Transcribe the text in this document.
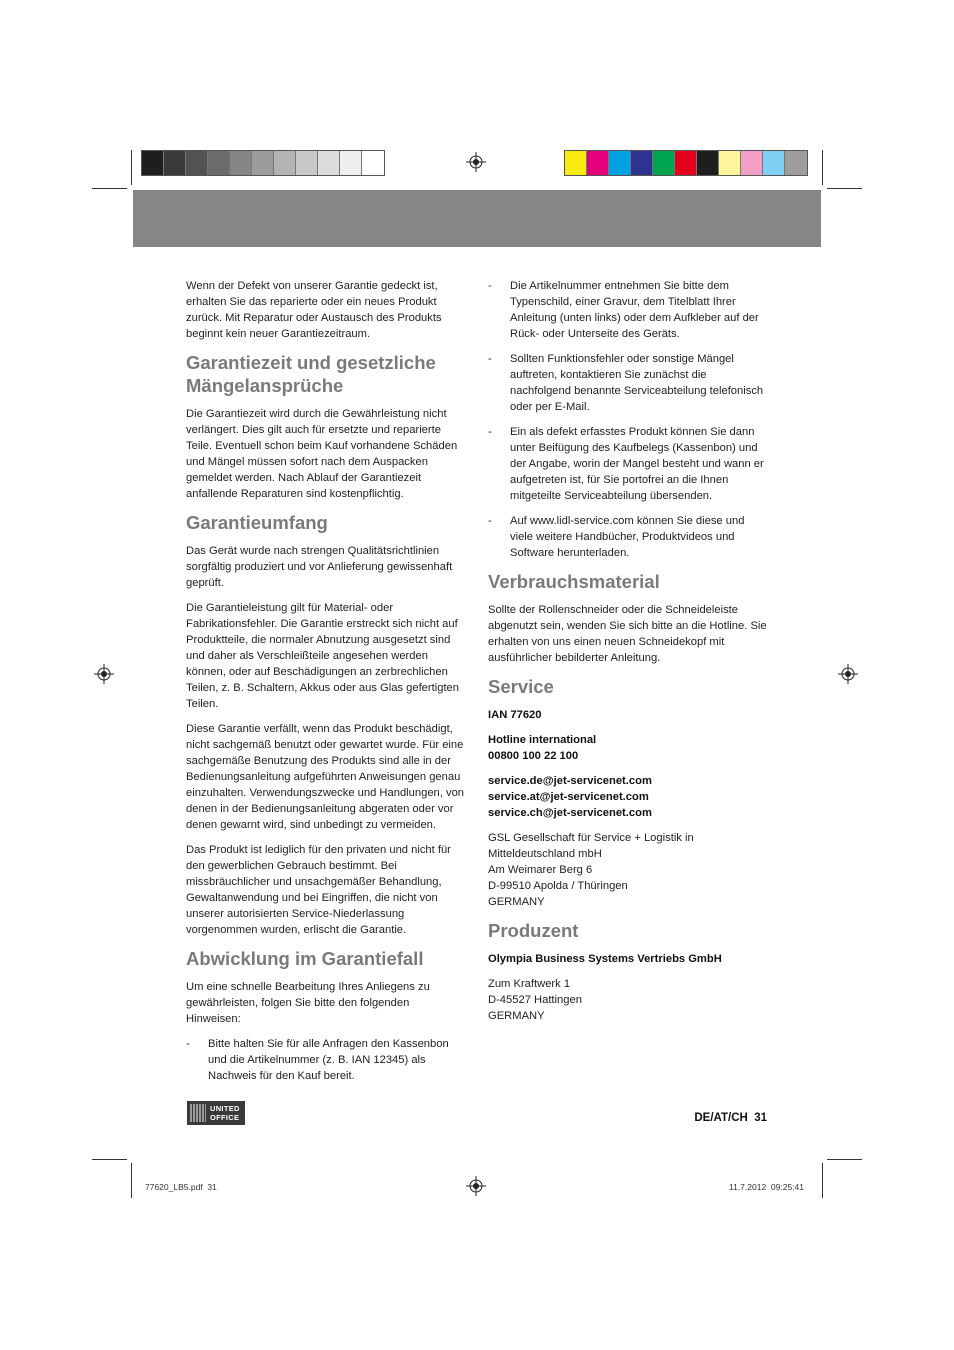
Wenn der Defekt von unserer Garantie gedeckt ist, erhalten Sie das reparierte oder ein neues Produkt zurück. Mit Reparatur oder Austausch des Produkts beginnt kein neuer Garantiezeitraum.

Garantiezeit und gesetzliche Mängelansprüche

Die Garantiezeit wird durch die Gewährleistung nicht verlängert. Dies gilt auch für ersetzte und reparierte Teile. Eventuell schon beim Kauf vorhandene Schäden und Mängel müssen sofort nach dem Auspacken gemeldet werden. Nach Ablauf der Garantiezeit anfallende Reparaturen sind kostenpflichtig.

Garantieumfang

Das Gerät wurde nach strengen Qualitätsrichtlinien sorgfältig produziert und vor Anlieferung gewissenhaft geprüft.

Die Garantieleistung gilt für Material- oder Fabrikationsfehler. Die Garantie erstreckt sich nicht auf Produktteile, die normaler Abnutzung ausgesetzt sind und daher als Verschleißteile angesehen werden können, oder auf Beschädigungen an zerbrechlichen Teilen, z. B. Schaltern, Akkus oder aus Glas gefertigten Teilen.

Diese Garantie verfällt, wenn das Produkt beschädigt, nicht sachgemäß benutzt oder gewartet wurde. Für eine sachgemäße Benutzung des Produkts sind alle in der Bedienungsanleitung aufgeführten Anweisungen genau einzuhalten. Verwendungszwecke und Handlungen, von denen in der Bedienungsanleitung abgeraten oder vor denen gewarnt wird, sind unbedingt zu vermeiden.

Das Produkt ist lediglich für den privaten und nicht für den gewerblichen Gebrauch bestimmt. Bei missbräuchlicher und unsachgemäßer Behandlung, Gewaltanwendung und bei Eingriffen, die nicht von unserer autorisierten Service-Niederlassung vorgenommen wurden, erlischt die Garantie.

Abwicklung im Garantiefall

Um eine schnelle Bearbeitung Ihres Anliegens zu gewährleisten, folgen Sie bitte den folgenden Hinweisen:

-	Bitte halten Sie für alle Anfragen den Kassenbon und die Artikelnummer (z. B. IAN 12345) als Nachweis für den Kauf bereit.
-	Die Artikelnummer entnehmen Sie bitte dem Typenschild, einer Gravur, dem Titelblatt Ihrer Anleitung (unten links) oder dem Aufkleber auf der Rück- oder Unterseite des Geräts.
-	Sollten Funktionsfehler oder sonstige Mängel auftreten, kontaktieren Sie zunächst die nachfolgend benannte Serviceabteilung telefonisch oder per E-Mail.
-	Ein als defekt erfasstes Produkt können Sie dann unter Beifügung des Kaufbelegs (Kassenbon) und der Angabe, worin der Mangel besteht und wann er aufgetreten ist, für Sie portofrei an die Ihnen mitgeteilte Serviceabteilung übersenden.
-	Auf www.lidl-service.com können Sie diese und viele weitere Handbücher, Produktvideos und Software herunterladen.
Verbrauchsmaterial

Sollte der Rollenschneider oder die Schneideleiste abgenutzt sein, wenden Sie sich bitte an die Hotline. Sie erhalten von uns einen neuen Schneidekopf mit ausführlicher bebilderter Anleitung.

Service

IAN 77620

Hotline international

00800 100 22 100

service.de@jet-servicenet.com

service.at@jet-servicenet.com

service.ch@jet-servicenet.com

GSL Gesellschaft für Service + Logistik in Mitteldeutschland mbH

Am Weimarer Berg 6

D-99510 Apolda / Thüringen

GERMANY

Produzent

Olympia Business Systems Vertriebs GmbH

Zum Kraftwerk 1

D-45527 Hattingen

GERMANY

UNITED
OFFICE	DE/AT/CH  31
77620_LB5.pdf  31	11.7.2012  09:25:41
